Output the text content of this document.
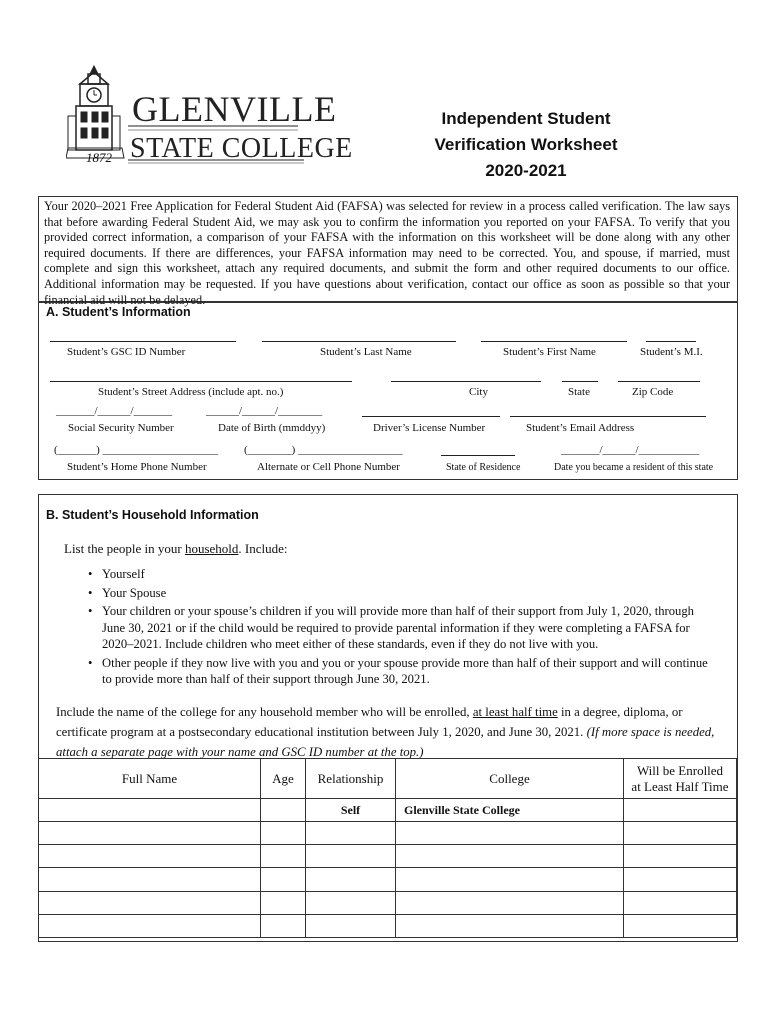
GLENVILLE
STATE COLLEGE
1872
Independent Student
Verification Worksheet
2020-2021
Your 2020–2021 Free Application for Federal Student Aid (FAFSA) was selected for review in a process called verification. The law says that before awarding Federal Student Aid, we may ask you to confirm the information you reported on your FAFSA. To verify that you provided correct information, a comparison of your FAFSA with the information on this worksheet will be done along with any other required documents. If there are differences, your FAFSA information may need to be corrected. You, and spouse, if married, must complete and sign this worksheet, attach any required documents, and submit the form and other required documents to our office. Additional information may be requested. If you have questions about verification, contact our office as soon as possible so that your financial aid will not be delayed.
A. Student’s Information
Student’s GSC ID Number	Student’s Last Name	Student’s First Name	Student’s M.I.
Student’s Street Address (include apt. no.)	City	State	Zip Code
_______/______/_______	______/______/________
Social Security Number	Date of Birth (mmddyy)	Driver’s License Number	Student’s Email Address
(_______) _____________________ (________) ___________________	_______/______/___________
Student’s Home Phone Number	Alternate or Cell Phone Number	State of Residence	Date you became a resident of this state
B. Student’s Household Information
List the people in your household. Include:
• Yourself
• Your Spouse
• Your children or your spouse’s children if you will provide more than half of their support from July 1, 2020, through June 30, 2021 or if the child would be required to provide parental information if they were completing a FAFSA for 2020–2021. Include children who meet either of these standards, even if they do not live with you.
• Other people if they now live with you and you or your spouse provide more than half of their support and will continue to provide more than half of their support through June 30, 2021.
Include the name of the college for any household member who will be enrolled, at least half time in a degree, diploma, or certificate program at a postsecondary educational institution between July 1, 2020, and June 30, 2021. (If more space is needed, attach a separate page with your name and GSC ID number at the top.)
Full Name	Age	Relationship	College	Will be Enrolled
at Least Half Time

		Self	Glenville State College	
